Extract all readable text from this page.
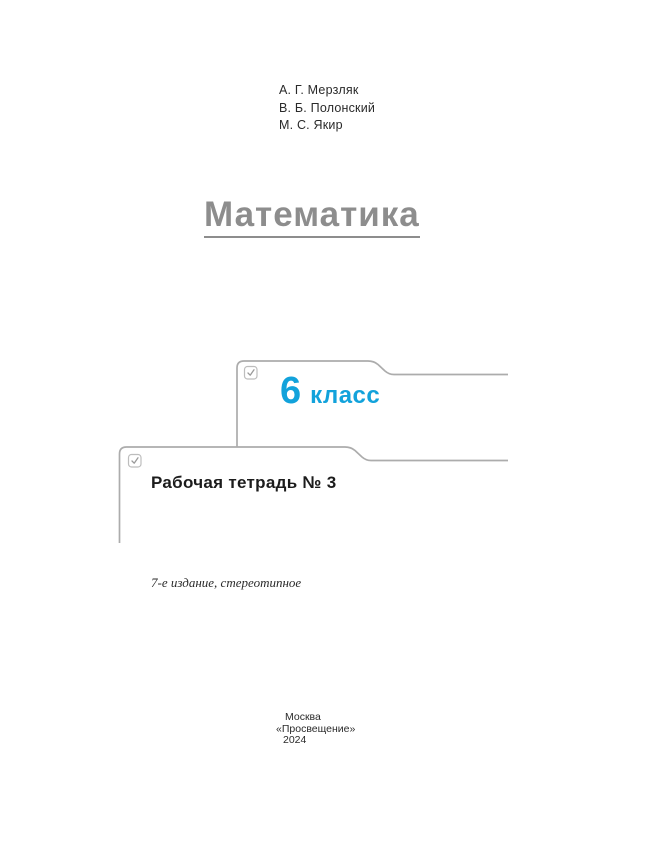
А. Г. Мерзляк
В. Б. Полонский
М. С. Якир
Математика
6 класс
Рабочая тетрадь № 3
7-е издание, стереотипное
Москва
«Просвещение»
2024
